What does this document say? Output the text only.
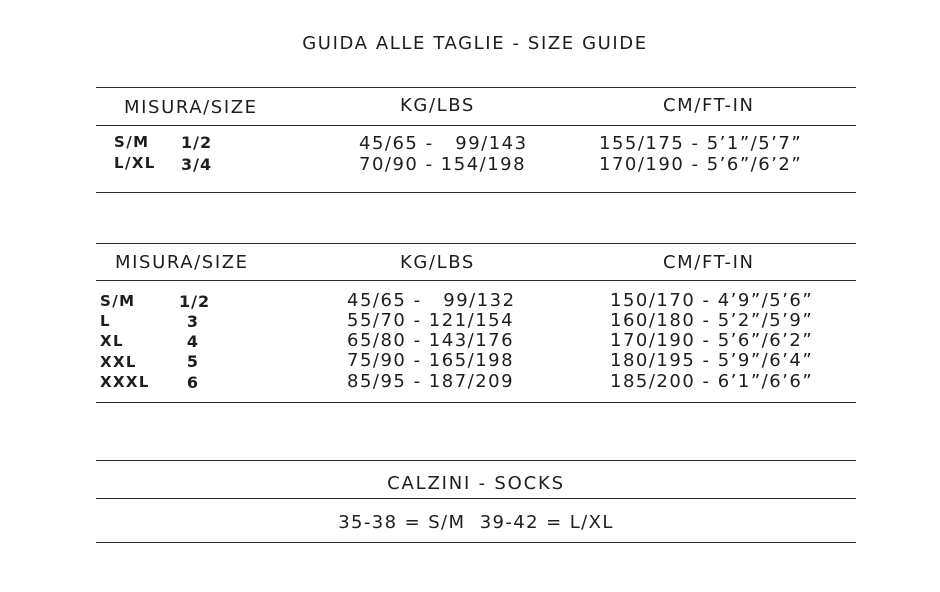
GUIDA ALLE TAGLIE - SIZE GUIDE
MISURA/SIZE	KG/LBS	CM/FT-IN
S/M 1/2	45/65 -   99/143	155/175 - 5’1”/5’7”
L/XL 3/4	70/90 - 154/198	170/190 - 5’6”/6’2”
MISURA/SIZE	KG/LBS	CM/FT-IN
S/M	1/2	45/65 -   99/132	150/170 - 4’9”/5’6”
L	3	55/70 - 121/154	160/180 - 5’2”/5’9”
XL	4	65/80 - 143/176	170/190 - 5’6”/6’2”
XXL	5	75/90 - 165/198	180/195 - 5’9”/6’4”
XXXL	6	85/95 - 187/209	185/200 - 6’1”/6’6”
CALZINI - SOCKS
35-38 = S/M  39-42 = L/XL
